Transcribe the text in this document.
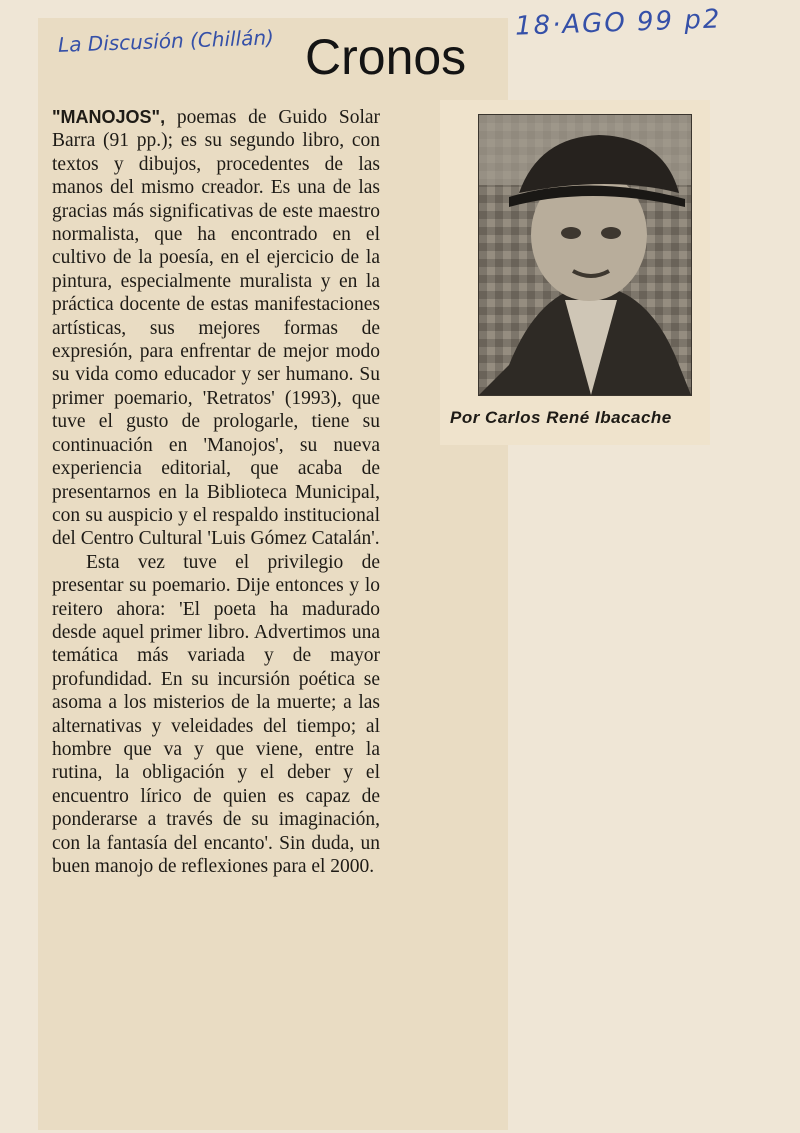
La Discusión (Chillán)	18·AGO 99 p2
Cronos

"MANOJOS", poemas de Guido Solar Barra (91 pp.); es su segundo libro, con textos y dibujos, procedentes de las manos del mismo creador. Es una de las gracias más significativas de este maestro normalista, que ha encontrado en el cultivo de la poesía, en el ejercicio de la pintura, especialmente muralista y en la práctica docente de estas manifestaciones artísticas, sus mejores formas de expresión, para enfrentar de mejor modo su vida como educador y ser humano. Su primer poemario, 'Retratos' (1993), que tuve el gusto de prologarle, tiene su continuación en 'Manojos', su nueva experiencia editorial, que acaba de presentarnos en la Biblioteca Municipal, con su auspicio y el respaldo institucional del Centro Cultural 'Luis Gómez Catalán'.

Esta vez tuve el privilegio de presentar su poemario. Dije entonces y lo reitero ahora: 'El poeta ha madurado desde aquel primer libro. Advertimos una temática más variada y de mayor profundidad. En su incursión poética se asoma a los misterios de la muerte; a las alternativas y veleidades del tiempo; al hombre que va y que viene, entre la rutina, la obligación y el deber y el encuentro lírico de quien es capaz de ponderarse a través de su imaginación, con la fantasía del encanto'. Sin duda, un buen manojo de reflexiones para el 2000.

Por Carlos René Ibacache
